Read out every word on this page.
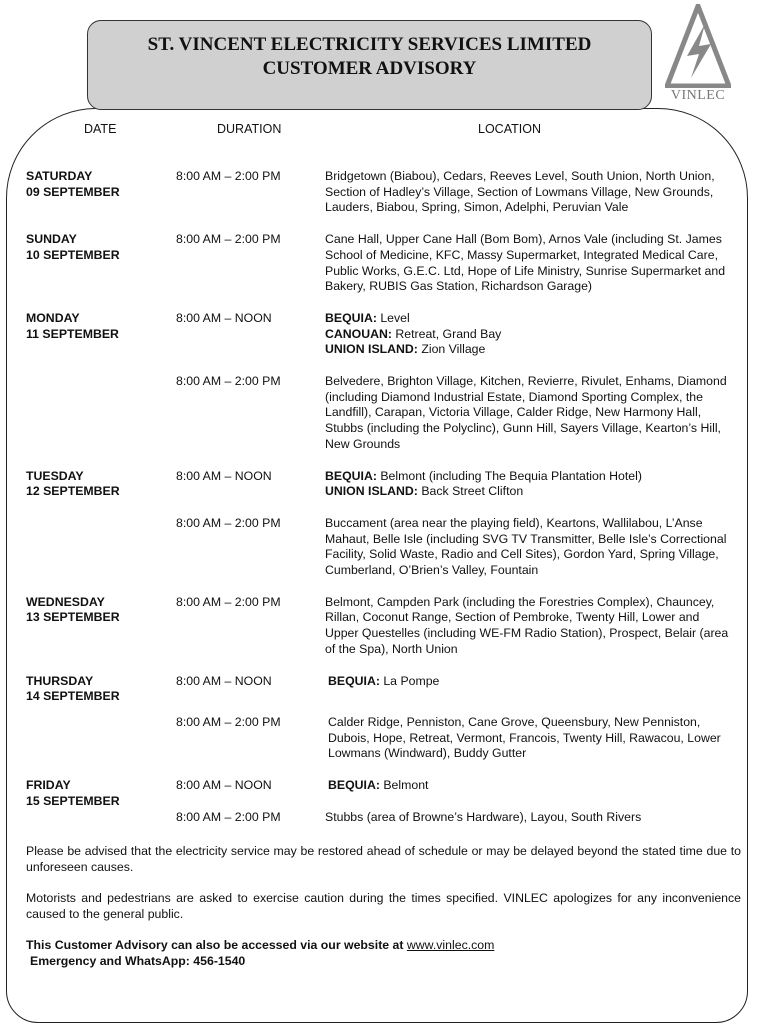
ST. VINCENT ELECTRICITY SERVICES LIMITED
CUSTOMER ADVISORY
VINLEC
DATE	DURATION	LOCATION
SATURDAY
09 SEPTEMBER
8:00 AM – 2:00 PM	Bridgetown (Biabou), Cedars, Reeves Level, South Union, North Union,
Section of Hadley’s Village, Section of Lowmans Village, New Grounds,
Lauders, Biabou, Spring, Simon, Adelphi, Peruvian Vale
SUNDAY
10 SEPTEMBER
8:00 AM – 2:00 PM	Cane Hall, Upper Cane Hall (Bom Bom), Arnos Vale (including St. James
School of Medicine, KFC, Massy Supermarket, Integrated Medical Care,
Public Works, G.E.C. Ltd, Hope of Life Ministry, Sunrise Supermarket and
Bakery, RUBIS Gas Station, Richardson Garage)
MONDAY
11 SEPTEMBER
8:00 AM – NOON	BEQUIA: Level
CANOUAN: Retreat, Grand Bay
UNION ISLAND: Zion Village
8:00 AM – 2:00 PM	Belvedere, Brighton Village, Kitchen, Revierre, Rivulet, Enhams, Diamond
(including Diamond Industrial Estate, Diamond Sporting Complex, the
Landfill), Carapan, Victoria Village, Calder Ridge, New Harmony Hall,
Stubbs (including the Polyclinc), Gunn Hill, Sayers Village, Kearton’s Hill,
New Grounds
TUESDAY
12 SEPTEMBER
8:00 AM – NOON	BEQUIA: Belmont (including The Bequia Plantation Hotel)
UNION ISLAND: Back Street Clifton
8:00 AM – 2:00 PM	Buccament (area near the playing field), Keartons, Wallilabou, L’Anse
Mahaut, Belle Isle (including SVG TV Transmitter, Belle Isle’s Correctional
Facility, Solid Waste, Radio and Cell Sites), Gordon Yard, Spring Village,
Cumberland, O’Brien’s Valley, Fountain
WEDNESDAY
13 SEPTEMBER
8:00 AM – 2:00 PM	Belmont, Campden Park (including the Forestries Complex), Chauncey,
Rillan, Coconut Range, Section of Pembroke, Twenty Hill, Lower and
Upper Questelles (including WE-FM Radio Station), Prospect, Belair (area
of the Spa), North Union
THURSDAY
14 SEPTEMBER
8:00 AM – NOON	BEQUIA: La Pompe

8:00 AM – 2:00 PM	Calder Ridge, Penniston, Cane Grove, Queensbury, New Penniston,
Dubois, Hope, Retreat, Vermont, Francois, Twenty Hill, Rawacou, Lower
Lowmans (Windward), Buddy Gutter
FRIDAY
15 SEPTEMBER
8:00 AM – NOON	BEQUIA: Belmont
8:00 AM – 2:00 PM	Stubbs (area of Browne’s Hardware), Layou, South Rivers
Please be advised that the electricity service may be restored ahead of schedule or may be delayed beyond the stated time due to unforeseen causes.
Motorists and pedestrians are asked to exercise caution during the times specified. VINLEC apologizes for any inconvenience caused to the general public.
This Customer Advisory can also be accessed via our website at www.vinlec.com
Emergency and WhatsApp: 456-1540
